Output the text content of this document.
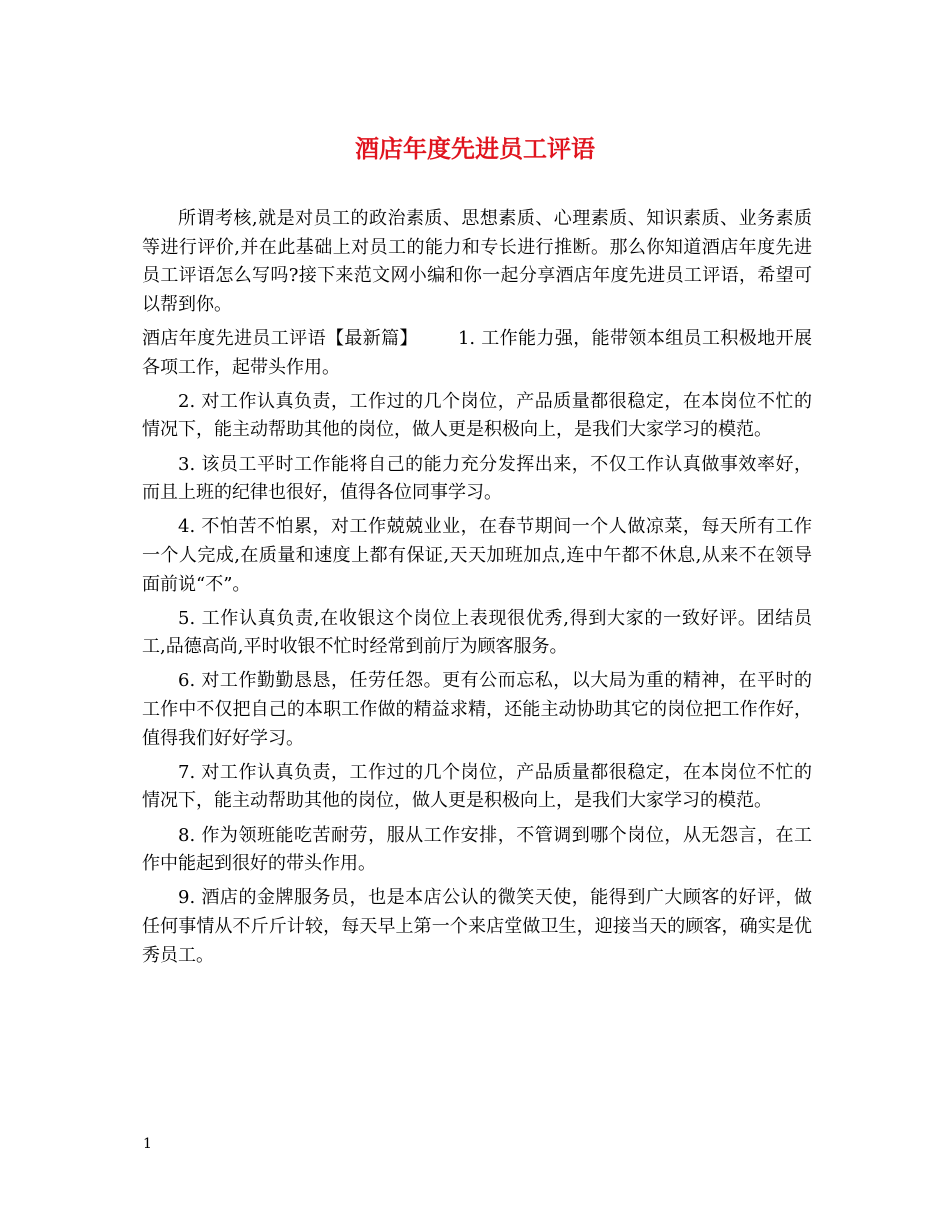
酒店年度先进员工评语

所谓考核,就是对员工的政治素质、思想素质、心理素质、知识素质、业务素质等进行评价,并在此基础上对员工的能力和专长进行推断。那么你知道酒店年度先进员工评语怎么写吗?接下来范文网小编和你一起分享酒店年度先进员工评语，希望可以帮到你。

酒店年度先进员工评语【最新篇】 1. 工作能力强，能带领本组员工积极地开展各项工作，起带头作用。

2. 对工作认真负责，工作过的几个岗位，产品质量都很稳定，在本岗位不忙的情况下，能主动帮助其他的岗位，做人更是积极向上，是我们大家学习的模范。

3. 该员工平时工作能将自己的能力充分发挥出来，不仅工作认真做事效率好，而且上班的纪律也很好，值得各位同事学习。

4. 不怕苦不怕累，对工作兢兢业业，在春节期间一个人做凉菜，每天所有工作一个人完成,在质量和速度上都有保证,天天加班加点,连中午都不休息,从来不在领导面前说“不”。

5. 工作认真负责,在收银这个岗位上表现很优秀,得到大家的一致好评。团结员工,品德高尚,平时收银不忙时经常到前厅为顾客服务。

6. 对工作勤勤恳恳，任劳任怨。更有公而忘私，以大局为重的精神，在平时的工作中不仅把自己的本职工作做的精益求精，还能主动协助其它的岗位把工作作好，值得我们好好学习。

7. 对工作认真负责，工作过的几个岗位，产品质量都很稳定，在本岗位不忙的情况下，能主动帮助其他的岗位，做人更是积极向上，是我们大家学习的模范。

8. 作为领班能吃苦耐劳，服从工作安排，不管调到哪个岗位，从无怨言，在工作中能起到很好的带头作用。

9. 酒店的金牌服务员，也是本店公认的微笑天使，能得到广大顾客的好评，做任何事情从不斤斤计较，每天早上第一个来店堂做卫生，迎接当天的顾客，确实是优秀员工。

1
